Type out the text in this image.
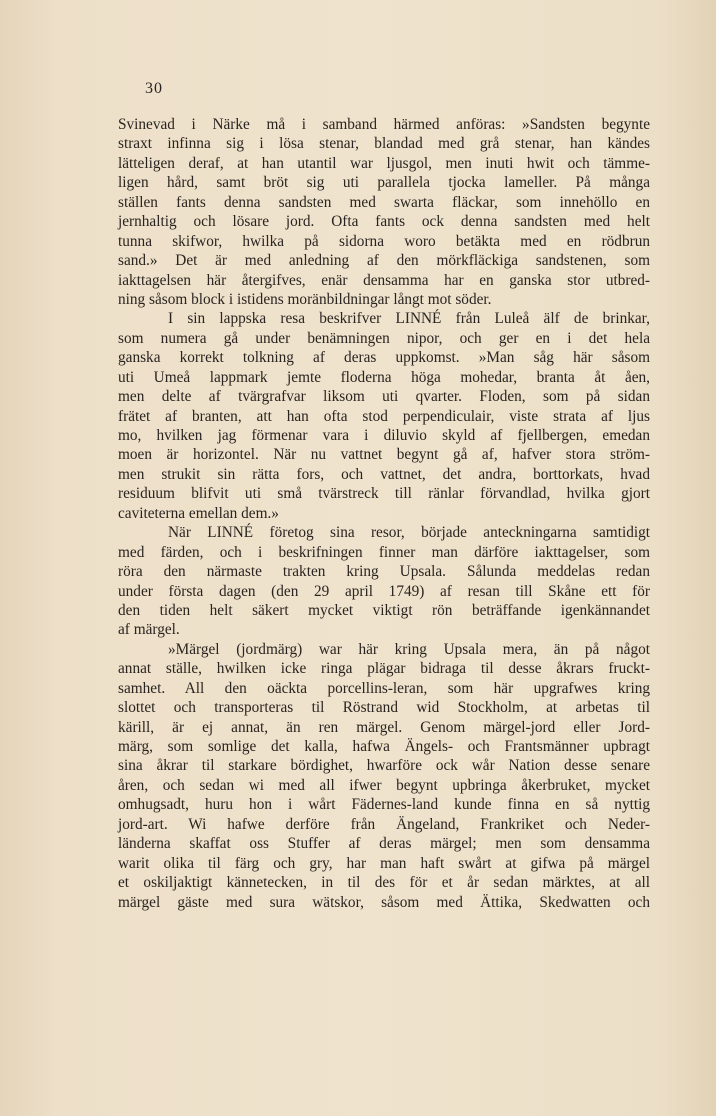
30
Svinevad i Närke må i samband härmed anföras: »Sandsten begynte
straxt infinna sig i lösa stenar, blandad med grå stenar, han kändes
lätteligen deraf, at han utantil war ljusgol, men inuti hwit och tämme-
ligen hård, samt bröt sig uti parallela tjocka lameller. På många
ställen fants denna sandsten med swarta fläckar, som innehöllo en
jernhaltig och lösare jord. Ofta fants ock denna sandsten med helt
tunna skifwor, hwilka på sidorna woro betäkta med en rödbrun
sand.» Det är med anledning af den mörkfläckiga sandstenen, som
iakttagelsen här återgifves, enär densamma har en ganska stor utbred-
ning såsom block i istidens moränbildningar långt mot söder.
I sin lappska resa beskrifver LINNÉ från Luleå älf de brinkar,
som numera gå under benämningen nipor, och ger en i det hela
ganska korrekt tolkning af deras uppkomst. »Man såg här såsom
uti Umeå lappmark jemte floderna höga mohedar, branta åt åen,
men delte af tvärgrafvar liksom uti qvarter. Floden, som på sidan
frätet af branten, att han ofta stod perpendiculair, viste strata af ljus
mo, hvilken jag förmenar vara i diluvio skyld af fjellbergen, emedan
moen är horizontel. När nu vattnet begynt gå af, hafver stora ström-
men strukit sin rätta fors, och vattnet, det andra, borttorkats, hvad
residuum blifvit uti små tvärstreck till ränlar förvandlad, hvilka gjort
caviteterna emellan dem.»
När LINNÉ företog sina resor, började anteckningarna samtidigt
med färden, och i beskrifningen finner man därföre iakttagelser, som
röra den närmaste trakten kring Upsala. Sålunda meddelas redan
under första dagen (den 29 april 1749) af resan till Skåne ett för
den tiden helt säkert mycket viktigt rön beträffande igenkännandet
af märgel.
»Märgel (jordmärg) war här kring Upsala mera, än på något
annat ställe, hwilken icke ringa plägar bidraga til desse åkrars fruckt-
samhet. All den oäckta porcellins-leran, som här upgrafwes kring
slottet och transporteras til Röstrand wid Stockholm, at arbetas til
kärill, är ej annat, än ren märgel. Genom märgel-jord eller Jord-
märg, som somlige det kalla, hafwa Ängels- och Frantsmänner upbragt
sina åkrar til starkare bördighet, hwarföre ock wår Nation desse senare
åren, och sedan wi med all ifwer begynt upbringa åkerbruket, mycket
omhugsadt, huru hon i wårt Fädernes-land kunde finna en så nyttig
jord-art. Wi hafwe derföre från Ängeland, Frankriket och Neder-
länderna skaffat oss Stuffer af deras märgel; men som densamma
warit olika til färg och gry, har man haft swårt at gifwa på märgel
et oskiljaktigt kännetecken, in til des för et år sedan märktes, at all
märgel gäste med sura wätskor, såsom med Ättika, Skedwatten och
